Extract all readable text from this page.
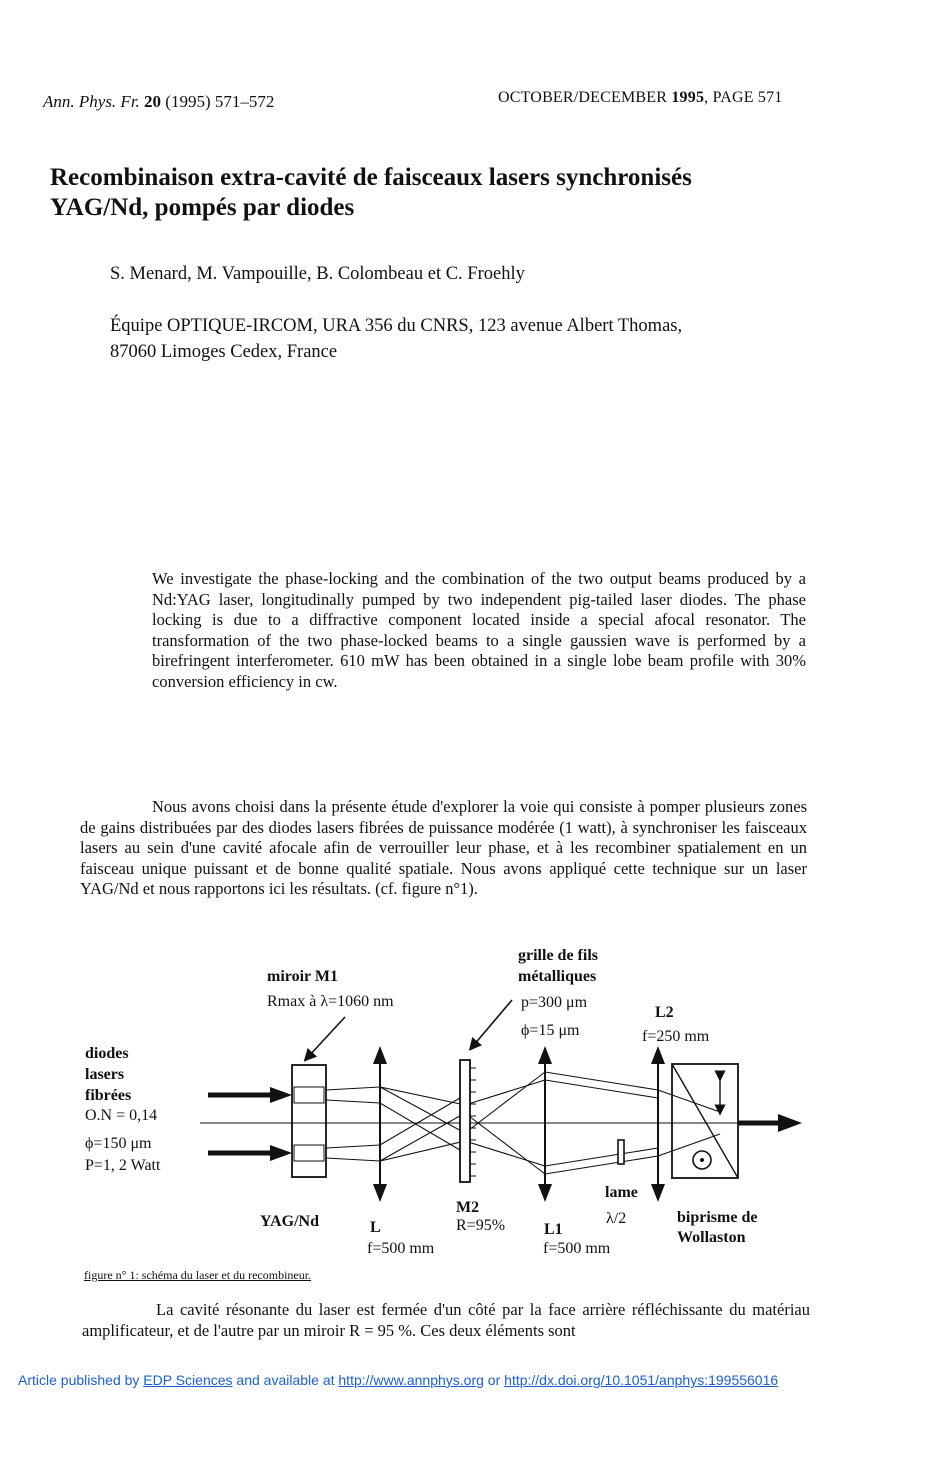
Ann. Phys. Fr. 20 (1995) 571–572	OCTOBER/DECEMBER 1995, PAGE 571
Recombinaison extra-cavité de faisceaux lasers synchronisés
YAG/Nd, pompés par diodes
S. Menard, M. Vampouille, B. Colombeau et C. Froehly
Équipe OPTIQUE-IRCOM, URA 356 du CNRS, 123 avenue Albert Thomas,
87060 Limoges Cedex, France
We investigate the phase-locking and the combination of the two output beams produced by a Nd:YAG laser, longitudinally pumped by two independent pig-tailed laser diodes. The phase locking is due to a diffractive component located inside a special afocal resonator. The transformation of the two phase-locked beams to a single gaussien wave is performed by a birefringent interferometer. 610 mW has been obtained in a single lobe beam profile with 30% conversion efficiency in cw.
Nous avons choisi dans la présente étude d'explorer la voie qui consiste à pomper plusieurs zones de gains distribuées par des diodes lasers fibrées de puissance modérée (1 watt), à synchroniser les faisceaux lasers au sein d'une cavité afocale afin de verrouiller leur phase, et à les recombiner spatialement en un faisceau unique puissant et de bonne qualité spatiale. Nous avons appliqué cette technique sur un laser YAG/Nd et nous rapportons ici les résultats. (cf. figure n°1).
miroir M1
Rmax à λ=1060 nm
grille de fils
métalliques
p=300 μm
ϕ=15 μm
L2
f=250 mm
diodes
lasers
fibrées
O.N = 0,14
ϕ=150 μm
P=1, 2 Watt
YAG/Nd	L
f=500 mm
M2
R=95% L1
f=500 mm
lame
λ/2	biprisme de
Wollaston
figure n° 1: schéma du laser et du recombineur.
La cavité résonante du laser est fermée d'un côté par la face arrière réfléchissante du matériau amplificateur, et de l'autre par un miroir R = 95 %. Ces deux éléments sont
Article published by EDP Sciences and available at http://www.annphys.org or http://dx.doi.org/10.1051/anphys:199556016
